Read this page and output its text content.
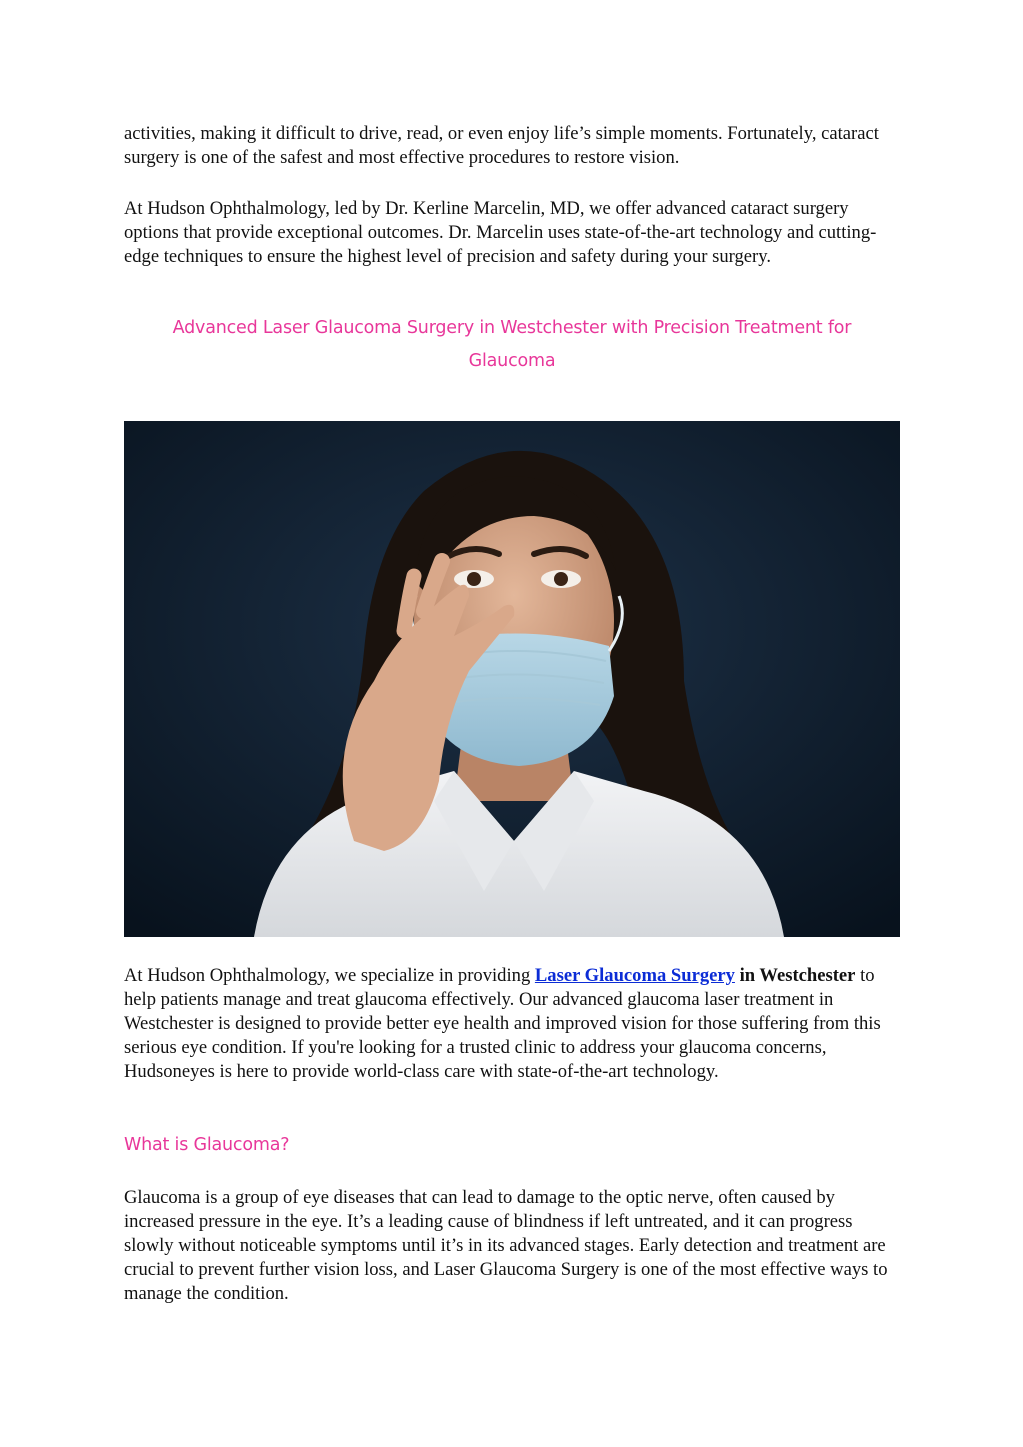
activities, making it difficult to drive, read, or even enjoy life’s simple moments. Fortunately, cataract surgery is one of the safest and most effective procedures to restore vision.

At Hudson Ophthalmology, led by Dr. Kerline Marcelin, MD, we offer advanced cataract surgery options that provide exceptional outcomes. Dr. Marcelin uses state-of-the-art technology and cutting-edge techniques to ensure the highest level of precision and safety during your surgery.

Advanced Laser Glaucoma Surgery in Westchester with Precision Treatment for
Glaucoma

At Hudson Ophthalmology, we specialize in providing Laser Glaucoma Surgery in Westchester to help patients manage and treat glaucoma effectively. Our advanced glaucoma laser treatment in Westchester is designed to provide better eye health and improved vision for those suffering from this serious eye condition. If you're looking for a trusted clinic to address your glaucoma concerns, Hudsoneyes is here to provide world-class care with state-of-the-art technology.

What is Glaucoma?

Glaucoma is a group of eye diseases that can lead to damage to the optic nerve, often caused by increased pressure in the eye. It’s a leading cause of blindness if left untreated, and it can progress slowly without noticeable symptoms until it’s in its advanced stages. Early detection and treatment are crucial to prevent further vision loss, and Laser Glaucoma Surgery is one of the most effective ways to manage the condition.
